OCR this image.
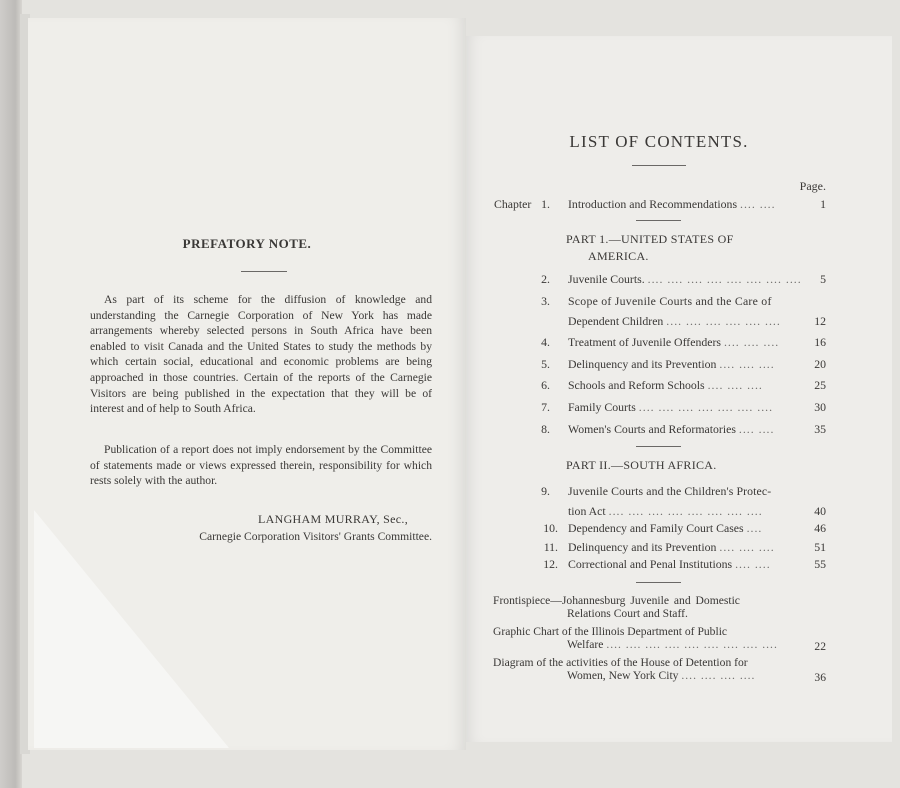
PREFATORY NOTE.
As part of its scheme for the diffusion of knowledge and understanding the Carnegie Corporation of New York has made arrangements whereby selected persons in South Africa have been enabled to visit Canada and the United States to study the methods by which certain social, educational and economic problems are being approached in those countries. Certain of the reports of the Carnegie Visitors are being published in the expectation that they will be of interest and of help to South Africa.
Publication of a report does not imply endorsement by the Committee of statements made or views expressed therein, responsibility for which rests solely with the author.
LANGHAM MURRAY, Sec.,
Carnegie Corporation Visitors' Grants Committee.
LIST OF CONTENTS.
Page.
Chapter 1. Introduction and Recommendations .... ....	1
PART 1.—UNITED STATES OF
AMERICA.
2. Juvenile Courts. .... .... .... .... .... .... .... .... 5
3. Scope of Juvenile Courts and the Care of
Dependent Children .... .... .... .... .... ....	12
4. Treatment of Juvenile Offenders .... .... ....	16
5. Delinquency and its Prevention .... .... ....	20
6. Schools and Reform Schools .... .... ....	25
7. Family Courts .... .... .... .... .... .... ....	30
8. Women's Courts and Reformatories .... ....	35
PART II.—SOUTH AFRICA.
9. Juvenile Courts and the Children's Protec-
tion Act .... .... .... .... .... .... .... ....	40
10. Dependency and Family Court Cases ....	46
11. Delinquency and its Prevention .... .... ....	51
12. Correctional and Penal Institutions .... ....	55
Frontispiece—Johannesburg Juvenile and Domestic
Relations Court and Staff.
Graphic Chart of the Illinois Department of Public
Welfare .... .... .... .... .... .... .... .... ....	22
Diagram of the activities of the House of Detention for
Women, New York City .... .... .... ....	36
